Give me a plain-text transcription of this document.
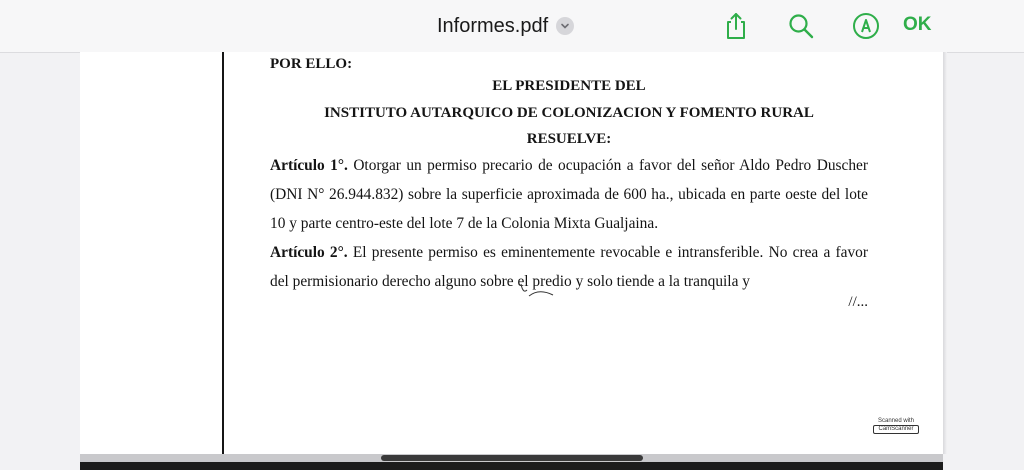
Informes.pdf	OK
POR ELLO:
EL PRESIDENTE DEL
INSTITUTO AUTARQUICO DE COLONIZACION Y FOMENTO RURAL
RESUELVE:
Artículo 1°. Otorgar un permiso precario de ocupación a favor del señor Aldo Pedro Duscher (DNI N° 26.944.832) sobre la superficie aproximada de 600 ha., ubicada en parte oeste del lote 10 y parte centro-este del lote 7 de la Colonia Mixta Gualjaina.
Artículo 2°. El presente permiso es eminentemente revocable e intransferible. No crea a favor del permisionario derecho alguno sobre el predio y solo tiende a la tranquila y
//...
Scanned with
CamScanner
